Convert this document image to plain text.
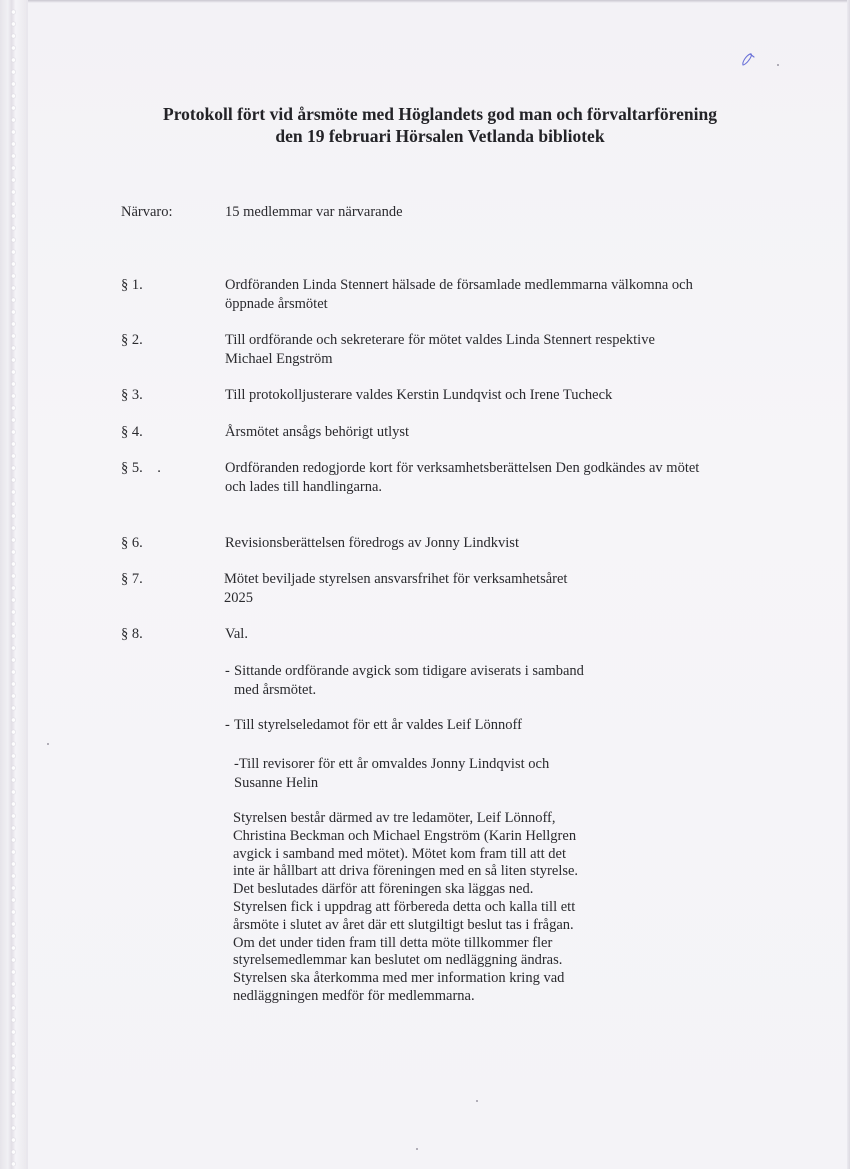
Protokoll fört vid årsmöte med Höglandets god man och förvaltarförening
den 19 februari Hörsalen Vetlanda bibliotek
Närvaro:	15 medlemmar var närvarande
§ 1.	Ordföranden Linda Stennert hälsade de församlade medlemmarna välkomna och
öppnade årsmötet
§ 2.	Till ordförande och sekreterare för mötet valdes Linda Stennert respektive
Michael Engström
§ 3.	Till protokolljusterare valdes Kerstin Lundqvist och Irene Tucheck
§ 4.	Årsmötet ansågs behörigt utlyst
§ 5.    .	Ordföranden redogjorde kort för verksamhetsberättelsen Den godkändes av mötet
och lades till handlingarna.
§ 6.	Revisionsberättelsen föredrogs av Jonny Lindkvist
§ 7.	Mötet beviljade styrelsen ansvarsfrihet för verksamhetsåret
2025
§ 8.	Val.
- Sittande ordförande avgick som tidigare aviserats i samband
med årsmötet.
- Till styrelseledamot för ett år valdes Leif Lönnoff
-Till revisorer för ett år omvaldes Jonny Lindqvist och
Susanne Helin
Styrelsen består därmed av tre ledamöter, Leif Lönnoff,
Christina Beckman och Michael Engström (Karin Hellgren
avgick i samband med mötet). Mötet kom fram till att det
inte är hållbart att driva föreningen med en så liten styrelse.
Det beslutades därför att föreningen ska läggas ned.
Styrelsen fick i uppdrag att förbereda detta och kalla till ett
årsmöte i slutet av året där ett slutgiltigt beslut tas i frågan.
Om det under tiden fram till detta möte tillkommer fler
styrelsemedlemmar kan beslutet om nedläggning ändras.
Styrelsen ska återkomma med mer information kring vad
nedläggningen medför för medlemmarna.
